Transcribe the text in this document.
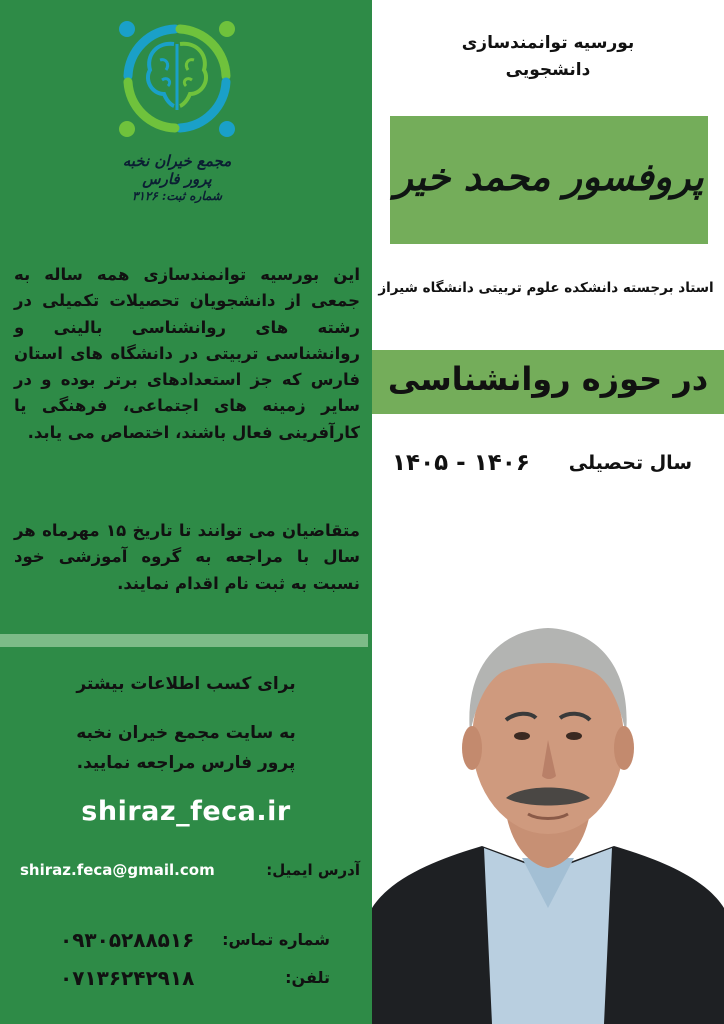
مجمع خیران نخبه پرور فارس
شماره ثبت: ۳۱۲۶
این بورسیه توانمندسازی همه ساله به جمعی از دانشجویان تحصیلات تکمیلی در رشته های روانشناسی بالینی و روانشناسی تربیتی در دانشگاه های استان فارس که جز استعدادهای برتر بوده و در سایر زمینه های اجتماعی، فرهنگی یا کارآفرینی فعال باشند، اختصاص می یابد.
متقاضیان می توانند تا تاریخ ۱۵ مهرماه هر سال با مراجعه به گروه آموزشی خود نسبت به ثبت نام اقدام نمایند.
برای کسب اطلاعات بیشتر
به سایت مجمع خیران نخبه
پرور فارس مراجعه نمایید.
shiraz_feca.ir
shiraz.feca@gmail.com	آدرس ایمیل:
شماره تماس:
۰۹۳۰۵۲۸۸۵۱۶
تلفن:
۰۷۱۳۶۲۴۲۹۱۸
بورسیه توانمندسازی
دانشجویی
پروفسور محمد خیر
استاد برجسته دانشکده علوم تربیتی دانشگاه شیراز
در حوزه روانشناسی
سال تحصیلی
۱۴۰۵ - ۱۴۰۶
